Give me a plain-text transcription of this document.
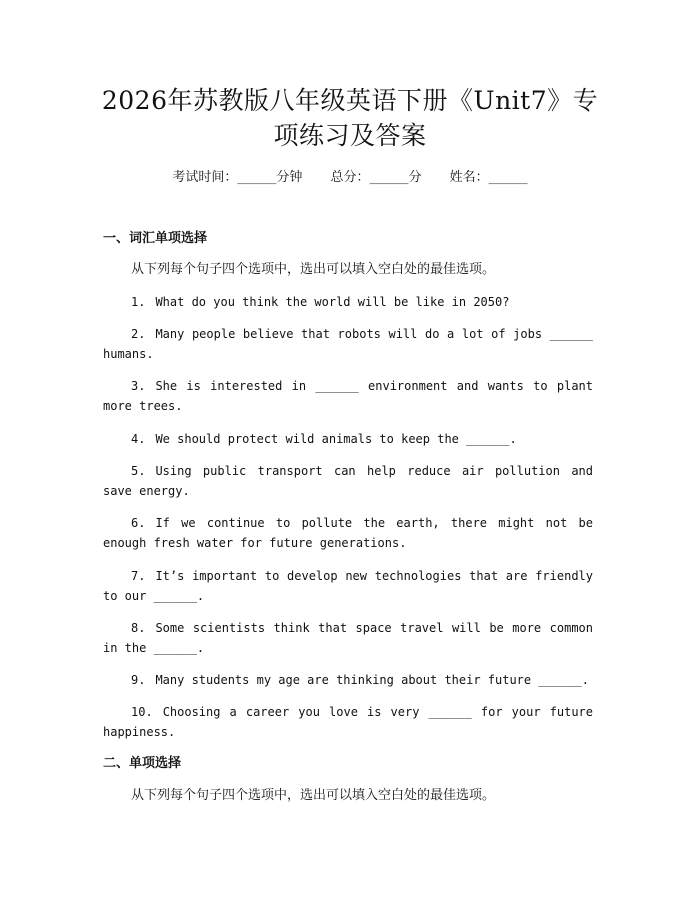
2026年苏教版八年级英语下册《Unit7》专
项练习及答案
考试时间：______分钟 总分：______分 姓名：______
一、词汇单项选择
从下列每个句子四个选项中，选出可以填入空白处的最佳选项。
1. What do you think the world will be like in 2050?
2. Many people believe that robots will do a lot of jobs ______ humans.
3. She is interested in ______ environment and wants to plant more trees.
4. We should protect wild animals to keep the ______.
5. Using public transport can help reduce air pollution and save energy.
6. If we continue to pollute the earth, there might not be enough fresh water for future generations.
7. It’s important to develop new technologies that are friendly to our ______.
8. Some scientists think that space travel will be more common in the ______.
9. Many students my age are thinking about their future ______.
10. Choosing a career you love is very ______ for your future happiness.
二、单项选择
从下列每个句子四个选项中，选出可以填入空白处的最佳选项。
